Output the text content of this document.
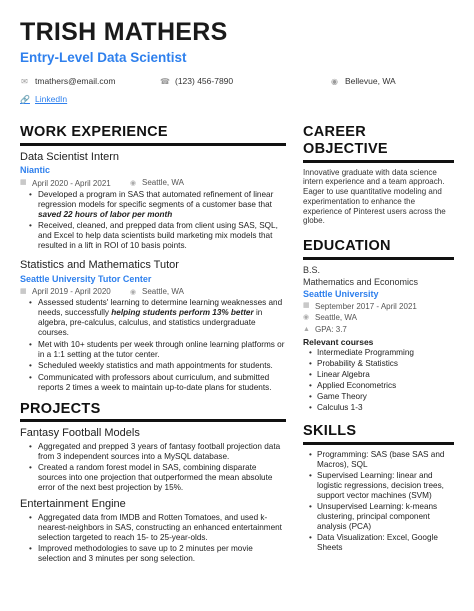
TRISH MATHERS
Entry-Level Data Scientist
✉ tmathers@email.com	☎ (123) 456-7890	◉ Bellevue, WA
🔗 LinkedIn
WORK EXPERIENCE
Data Scientist Intern
Niantic
▦ April 2020 - April 2021	◉ Seattle, WA
• Developed a program in SAS that automated refinement of linear regression models for specific segments of a customer base that saved 22 hours of labor per month
• Received, cleaned, and prepped data from client using SAS, SQL, and Excel to help data scientists build marketing mix models that resulted in a lift in ROI of 10 basis points.
Statistics and Mathematics Tutor
Seattle University Tutor Center
▦ April 2019 - April 2020	◉ Seattle, WA
• Assessed students' learning to determine learning weaknesses and needs, successfully helping students perform 13% better in algebra, pre-calculus, calculus, and statistics undergraduate courses.
• Met with 10+ students per week through online learning platforms or in a 1:1 setting at the tutor center.
• Scheduled weekly statistics and math appointments for students.
• Communicated with professors about curriculum, and submitted reports 2 times a week to maintain up-to-date plans for students.
PROJECTS
Fantasy Football Models
• Aggregated and prepped 3 years of fantasy football projection data from 3 independent sources into a MySQL database.
• Created a random forest model in SAS, combining disparate sources into one projection that outperformed the mean absolute error of the next best projection by 15%.
Entertainment Engine
• Aggregated data from IMDB and Rotten Tomatoes, and used k-nearest-neighbors in SAS, constructing an enhanced entertainment selection targeted to reach 15- to 25-year-olds.
• Improved methodologies to save up to 2 minutes per movie selection and 3 minutes per song selection.
CAREER OBJECTIVE

Innovative graduate with data science intern experience and a team approach. Eager to use quantitative modeling and experimentation to enhance the experience of Pinterest users across the globe.

EDUCATION
B.S.
Mathematics and Economics
Seattle University
▦ September 2017 - April 2021
◉ Seattle, WA
▲ GPA: 3.7
Relevant courses
• Intermediate Programming
• Probability & Statistics
• Linear Algebra
• Applied Econometrics
• Game Theory
• Calculus 1-3
SKILLS
• Programming: SAS (base SAS and Macros), SQL
• Supervised Learning: linear and logistic regressions, decision trees, support vector machines (SVM)
• Unsupervised Learning: k-means clustering, principal component analysis (PCA)
• Data Visualization: Excel, Google Sheets
